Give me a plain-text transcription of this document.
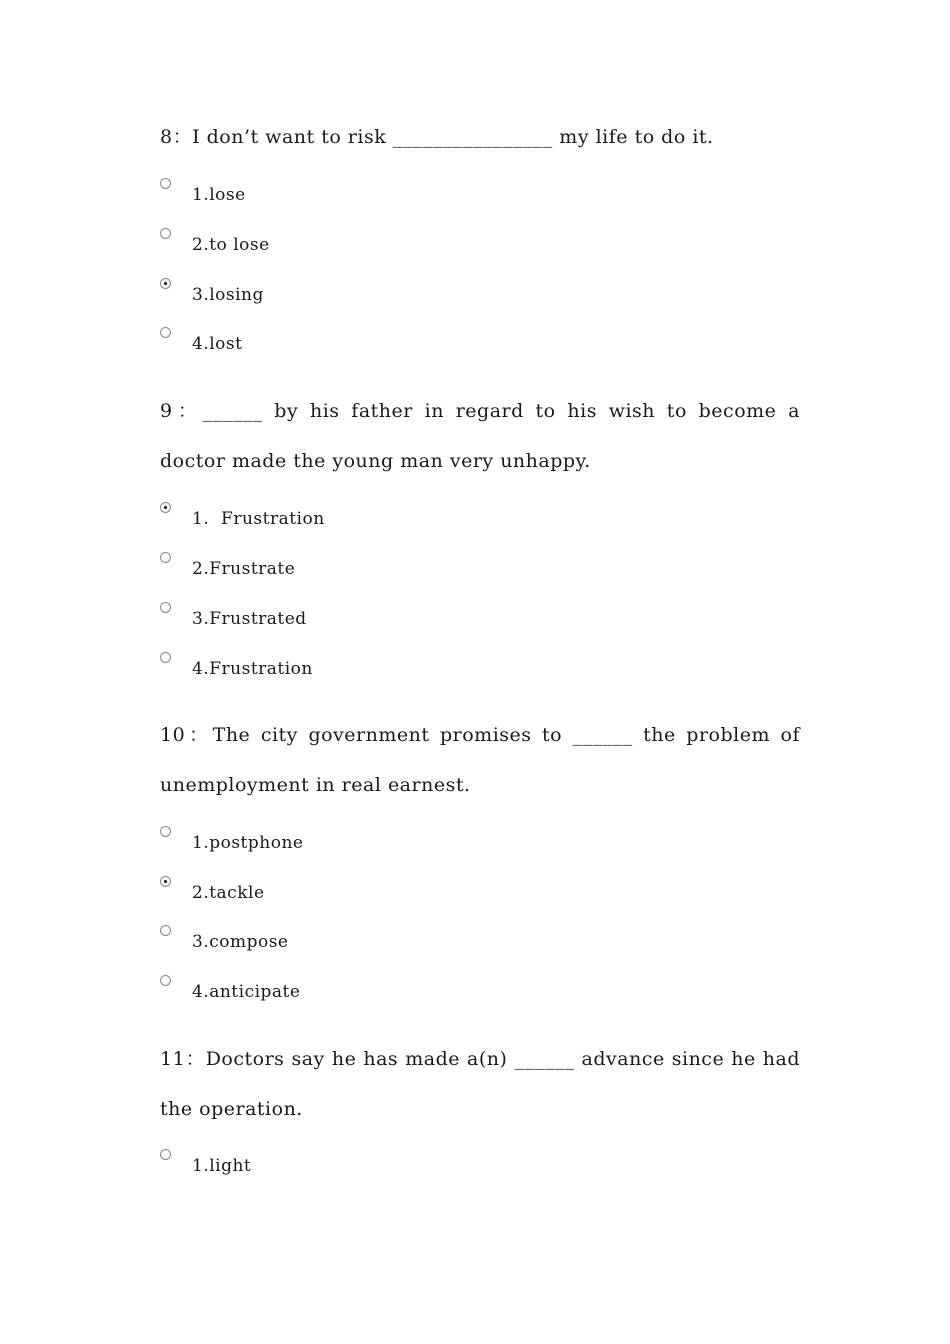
8：I don’t want to risk ________________ my life to do it.

1.lose
2.to lose
3.losing
4.lost

9：______ by his father in regard to his wish to become a doctor made the young man very unhappy.

1.  Frustration
2.Frustrate
3.Frustrated
4.Frustration

10：The city government promises to ______ the problem of unemployment in real earnest.

1.postphone
2.tackle
3.compose
4.anticipate

11：Doctors say he has made a(n) ______ advance since he had the operation.

1.light
